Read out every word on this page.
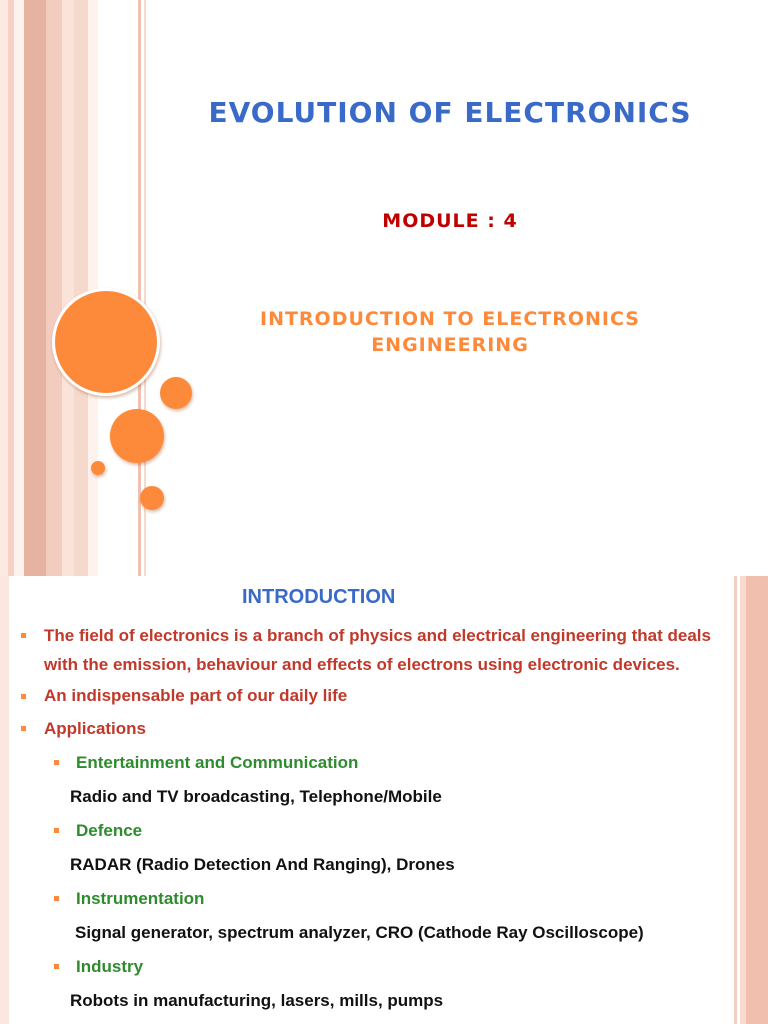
EVOLUTION OF ELECTRONICS
MODULE : 4
INTRODUCTION TO ELECTRONICS
ENGINEERING
INTRODUCTION
The field of electronics is a branch of physics and electrical engineering that deals
with the emission, behaviour and effects of electrons using electronic devices.
An indispensable part of our daily life
Applications
Entertainment and Communication
Radio and TV broadcasting, Telephone/Mobile
Defence
RADAR (Radio Detection And Ranging), Drones
Instrumentation
Signal generator, spectrum analyzer, CRO (Cathode Ray Oscilloscope)
Industry
Robots in manufacturing, lasers, mills, pumps
